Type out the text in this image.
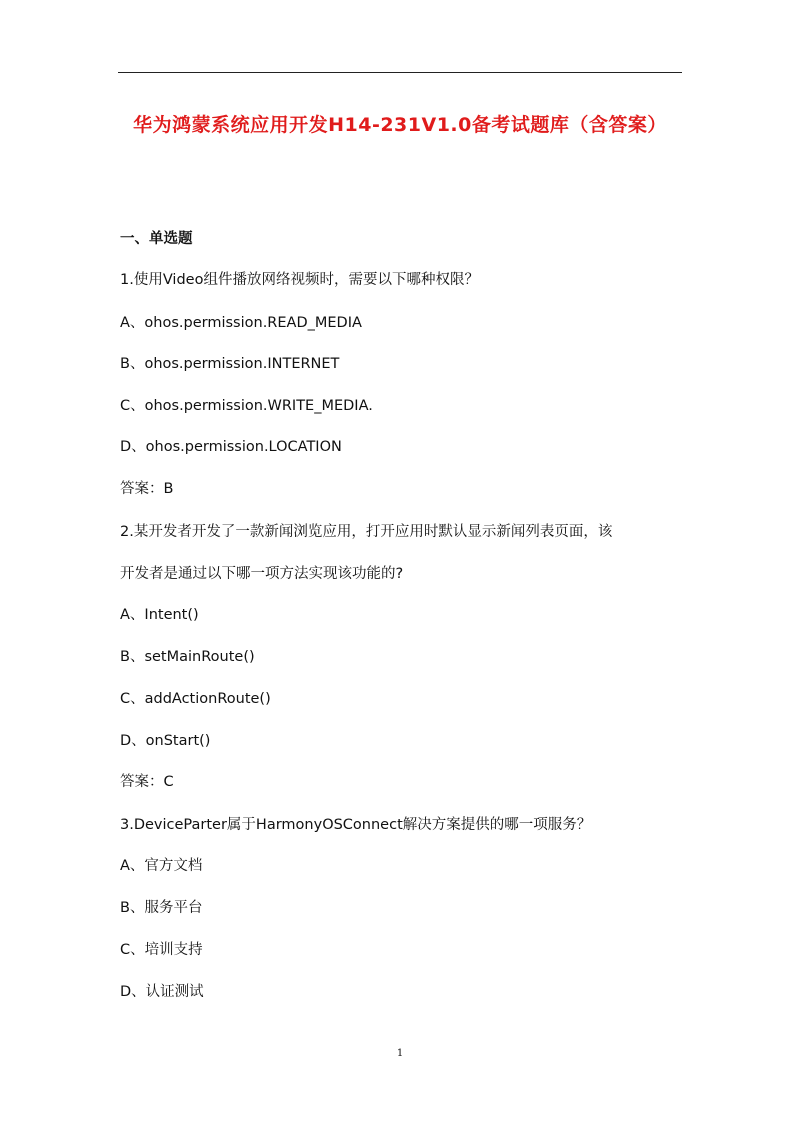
华为鸿蒙系统应用开发H14-231V1.0备考试题库（含答案）
一、单选题
1.使用Video组件播放网络视频时，需要以下哪种权限？
A、ohos.permission.READ_MEDIA
B、ohos.permission.INTERNET
C、ohos.permission.WRITE_MEDIA.
D、ohos.permission.LOCATION
答案：B
2.某开发者开发了一款新闻浏览应用，打开应用时默认显示新闻列表页面，该
开发者是通过以下哪一项方法实现该功能的?
A、Intent()
B、setMainRoute()
C、addActionRoute()
D、onStart()
答案：C
3.DeviceParter属于HarmonyOSConnect解决方案提供的哪一项服务？
A、官方文档
B、服务平台
C、培训支持
D、认证测试
1
